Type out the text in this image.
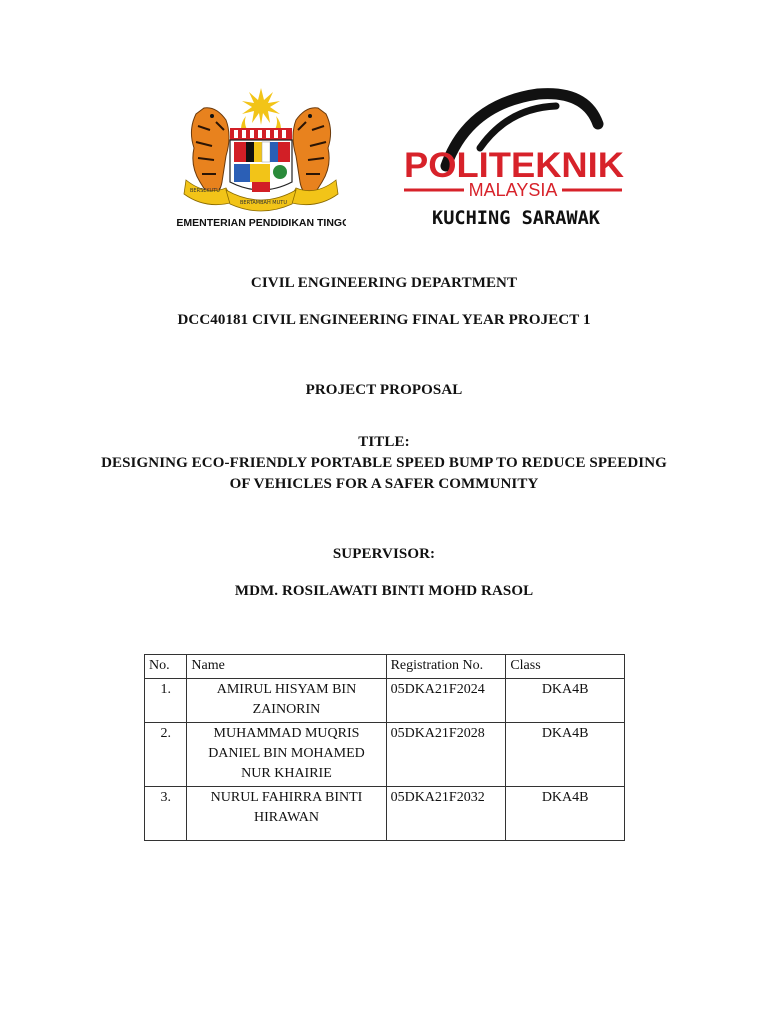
BERSEKUTU
BERTAMBAH MUTU
KEMENTERIAN PENDIDIKAN TINGGI
POLITEKNIK
MALAYSIA
KUCHING SARAWAK
CIVIL ENGINEERING DEPARTMENT
DCC40181 CIVIL ENGINEERING FINAL YEAR PROJECT 1
PROJECT PROPOSAL
TITLE:
DESIGNING ECO-FRIENDLY PORTABLE SPEED BUMP TO REDUCE SPEEDING
OF VEHICLES FOR A SAFER COMMUNITY
SUPERVISOR:
MDM. ROSILAWATI BINTI MOHD RASOL
No.	Name	Registration No.	Class
1.	AMIRUL HISYAM BIN
ZAINORIN	05DKA21F2024	DKA4B
2.	MUHAMMAD MUQRIS
DANIEL BIN MOHAMED
NUR KHAIRIE	05DKA21F2028	DKA4B
3.	NURUL FAHIRRA BINTI
HIRAWAN	05DKA21F2032	DKA4B
